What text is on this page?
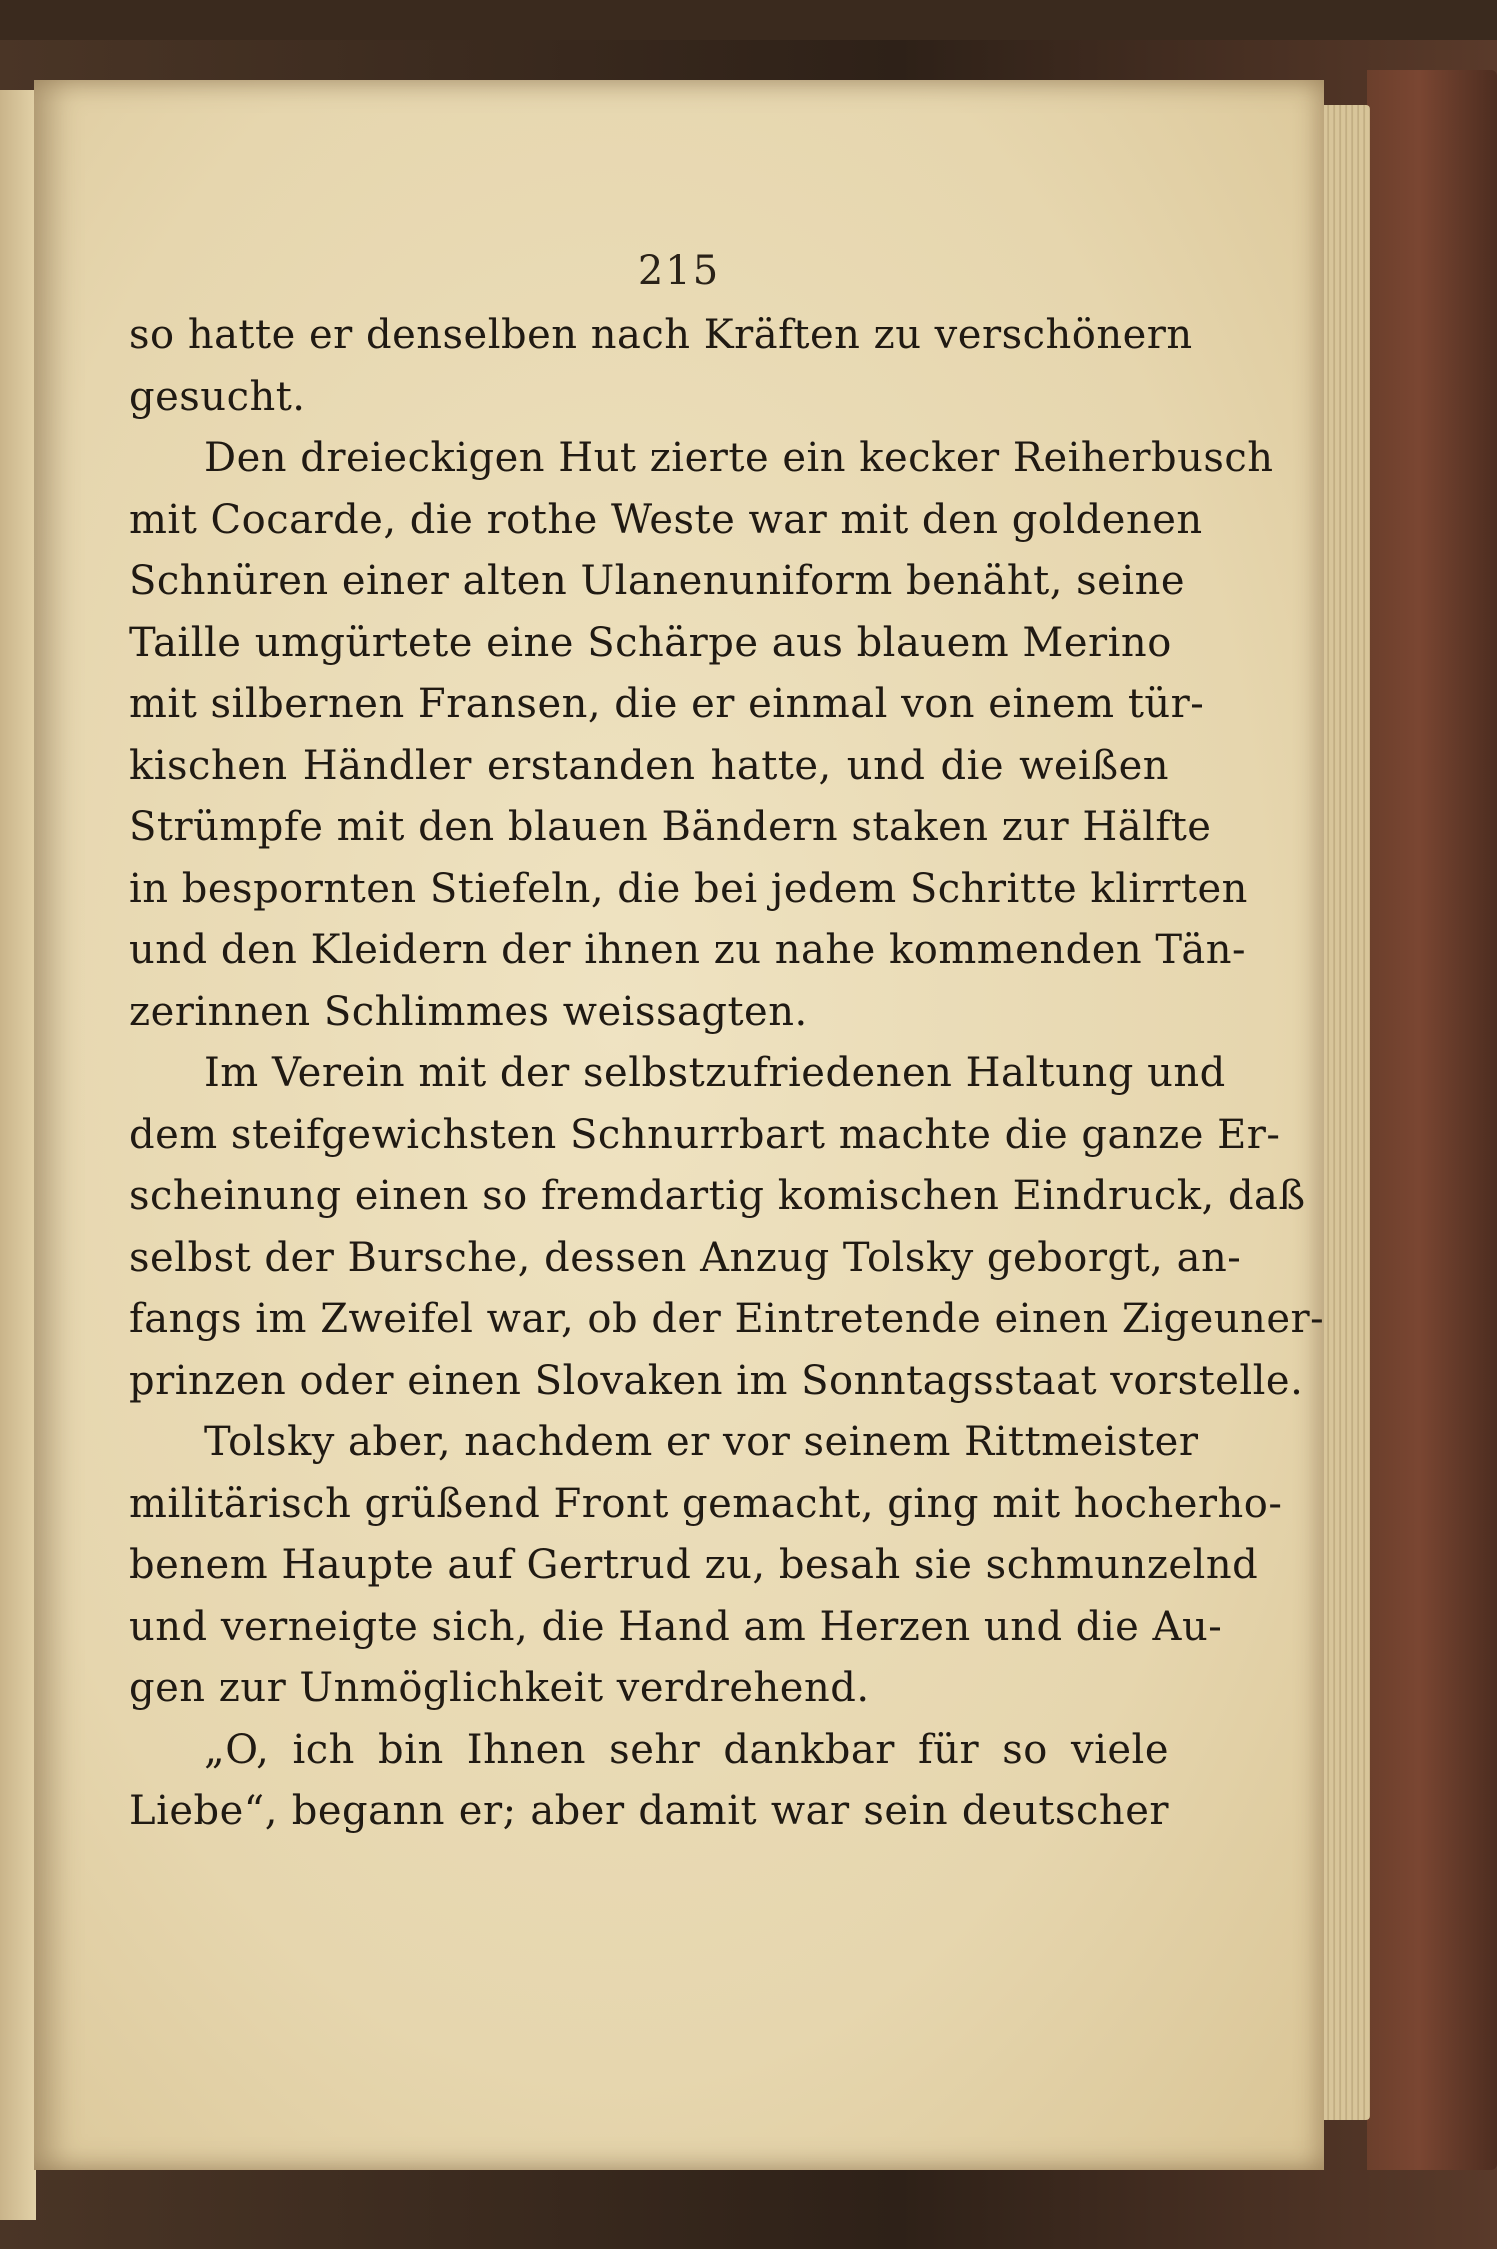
215
so hatte er denselben nach Kräften zu verschönern
gesucht.
Den dreieckigen Hut zierte ein kecker Reiherbusch
mit Cocarde, die rothe Weste war mit den goldenen
Schnüren einer alten Ulanenuniform benäht, seine
Taille umgürtete eine Schärpe aus blauem Merino
mit silbernen Fransen, die er einmal von einem tür-
kischen Händler erstanden hatte, und die weißen
Strümpfe mit den blauen Bändern staken zur Hälfte
in bespornten Stiefeln, die bei jedem Schritte klirrten
und den Kleidern der ihnen zu nahe kommenden Tän-
zerinnen Schlimmes weissagten.
Im Verein mit der selbstzufriedenen Haltung und
dem steifgewichsten Schnurrbart machte die ganze Er-
scheinung einen so fremdartig komischen Eindruck, daß
selbst der Bursche, dessen Anzug Tolsky geborgt, an-
fangs im Zweifel war, ob der Eintretende einen Zigeuner-
prinzen oder einen Slovaken im Sonntagsstaat vorstelle.
Tolsky aber, nachdem er vor seinem Rittmeister
militärisch grüßend Front gemacht, ging mit hocherho-
benem Haupte auf Gertrud zu, besah sie schmunzelnd
und verneigte sich, die Hand am Herzen und die Au-
gen zur Unmöglichkeit verdrehend.
„O, ich bin Ihnen sehr dankbar für so viele
Liebe“, begann er; aber damit war sein deutscher
